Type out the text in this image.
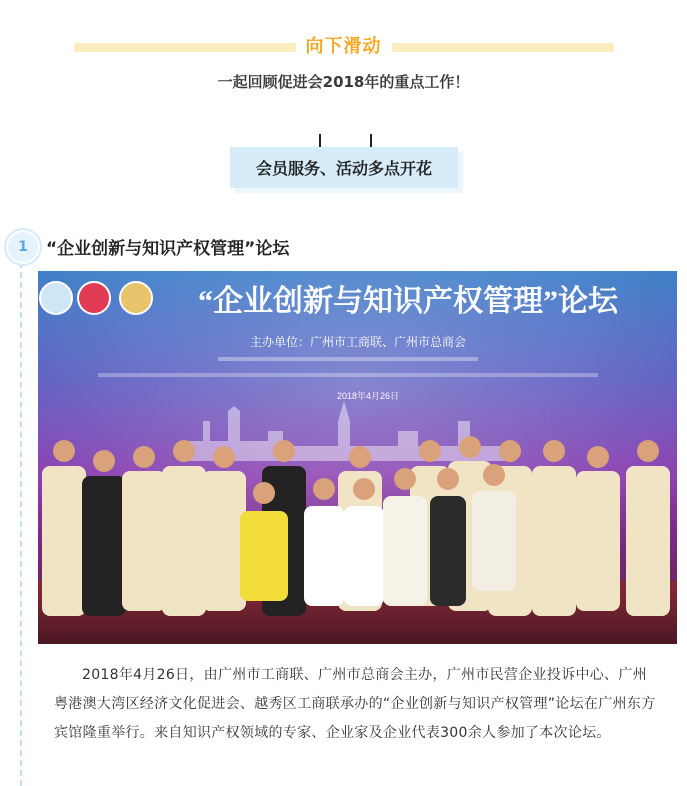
向下滑动
一起回顾促进会2018年的重点工作！
会员服务、活动多点开花
1	“企业创新与知识产权管理”论坛
“企业创新与知识产权管理”论坛
主办单位：广州市工商联、广州市总商会
2018年4月26日
2018年4月26日，由广州市工商联、广州市总商会主办，广州市民营企业投诉中心、广州粤港澳大湾区经济文化促进会、越秀区工商联承办的“企业创新与知识产权管理”论坛在广州东方宾馆隆重举行。来自知识产权领域的专家、企业家及企业代表300余人参加了本次论坛。
